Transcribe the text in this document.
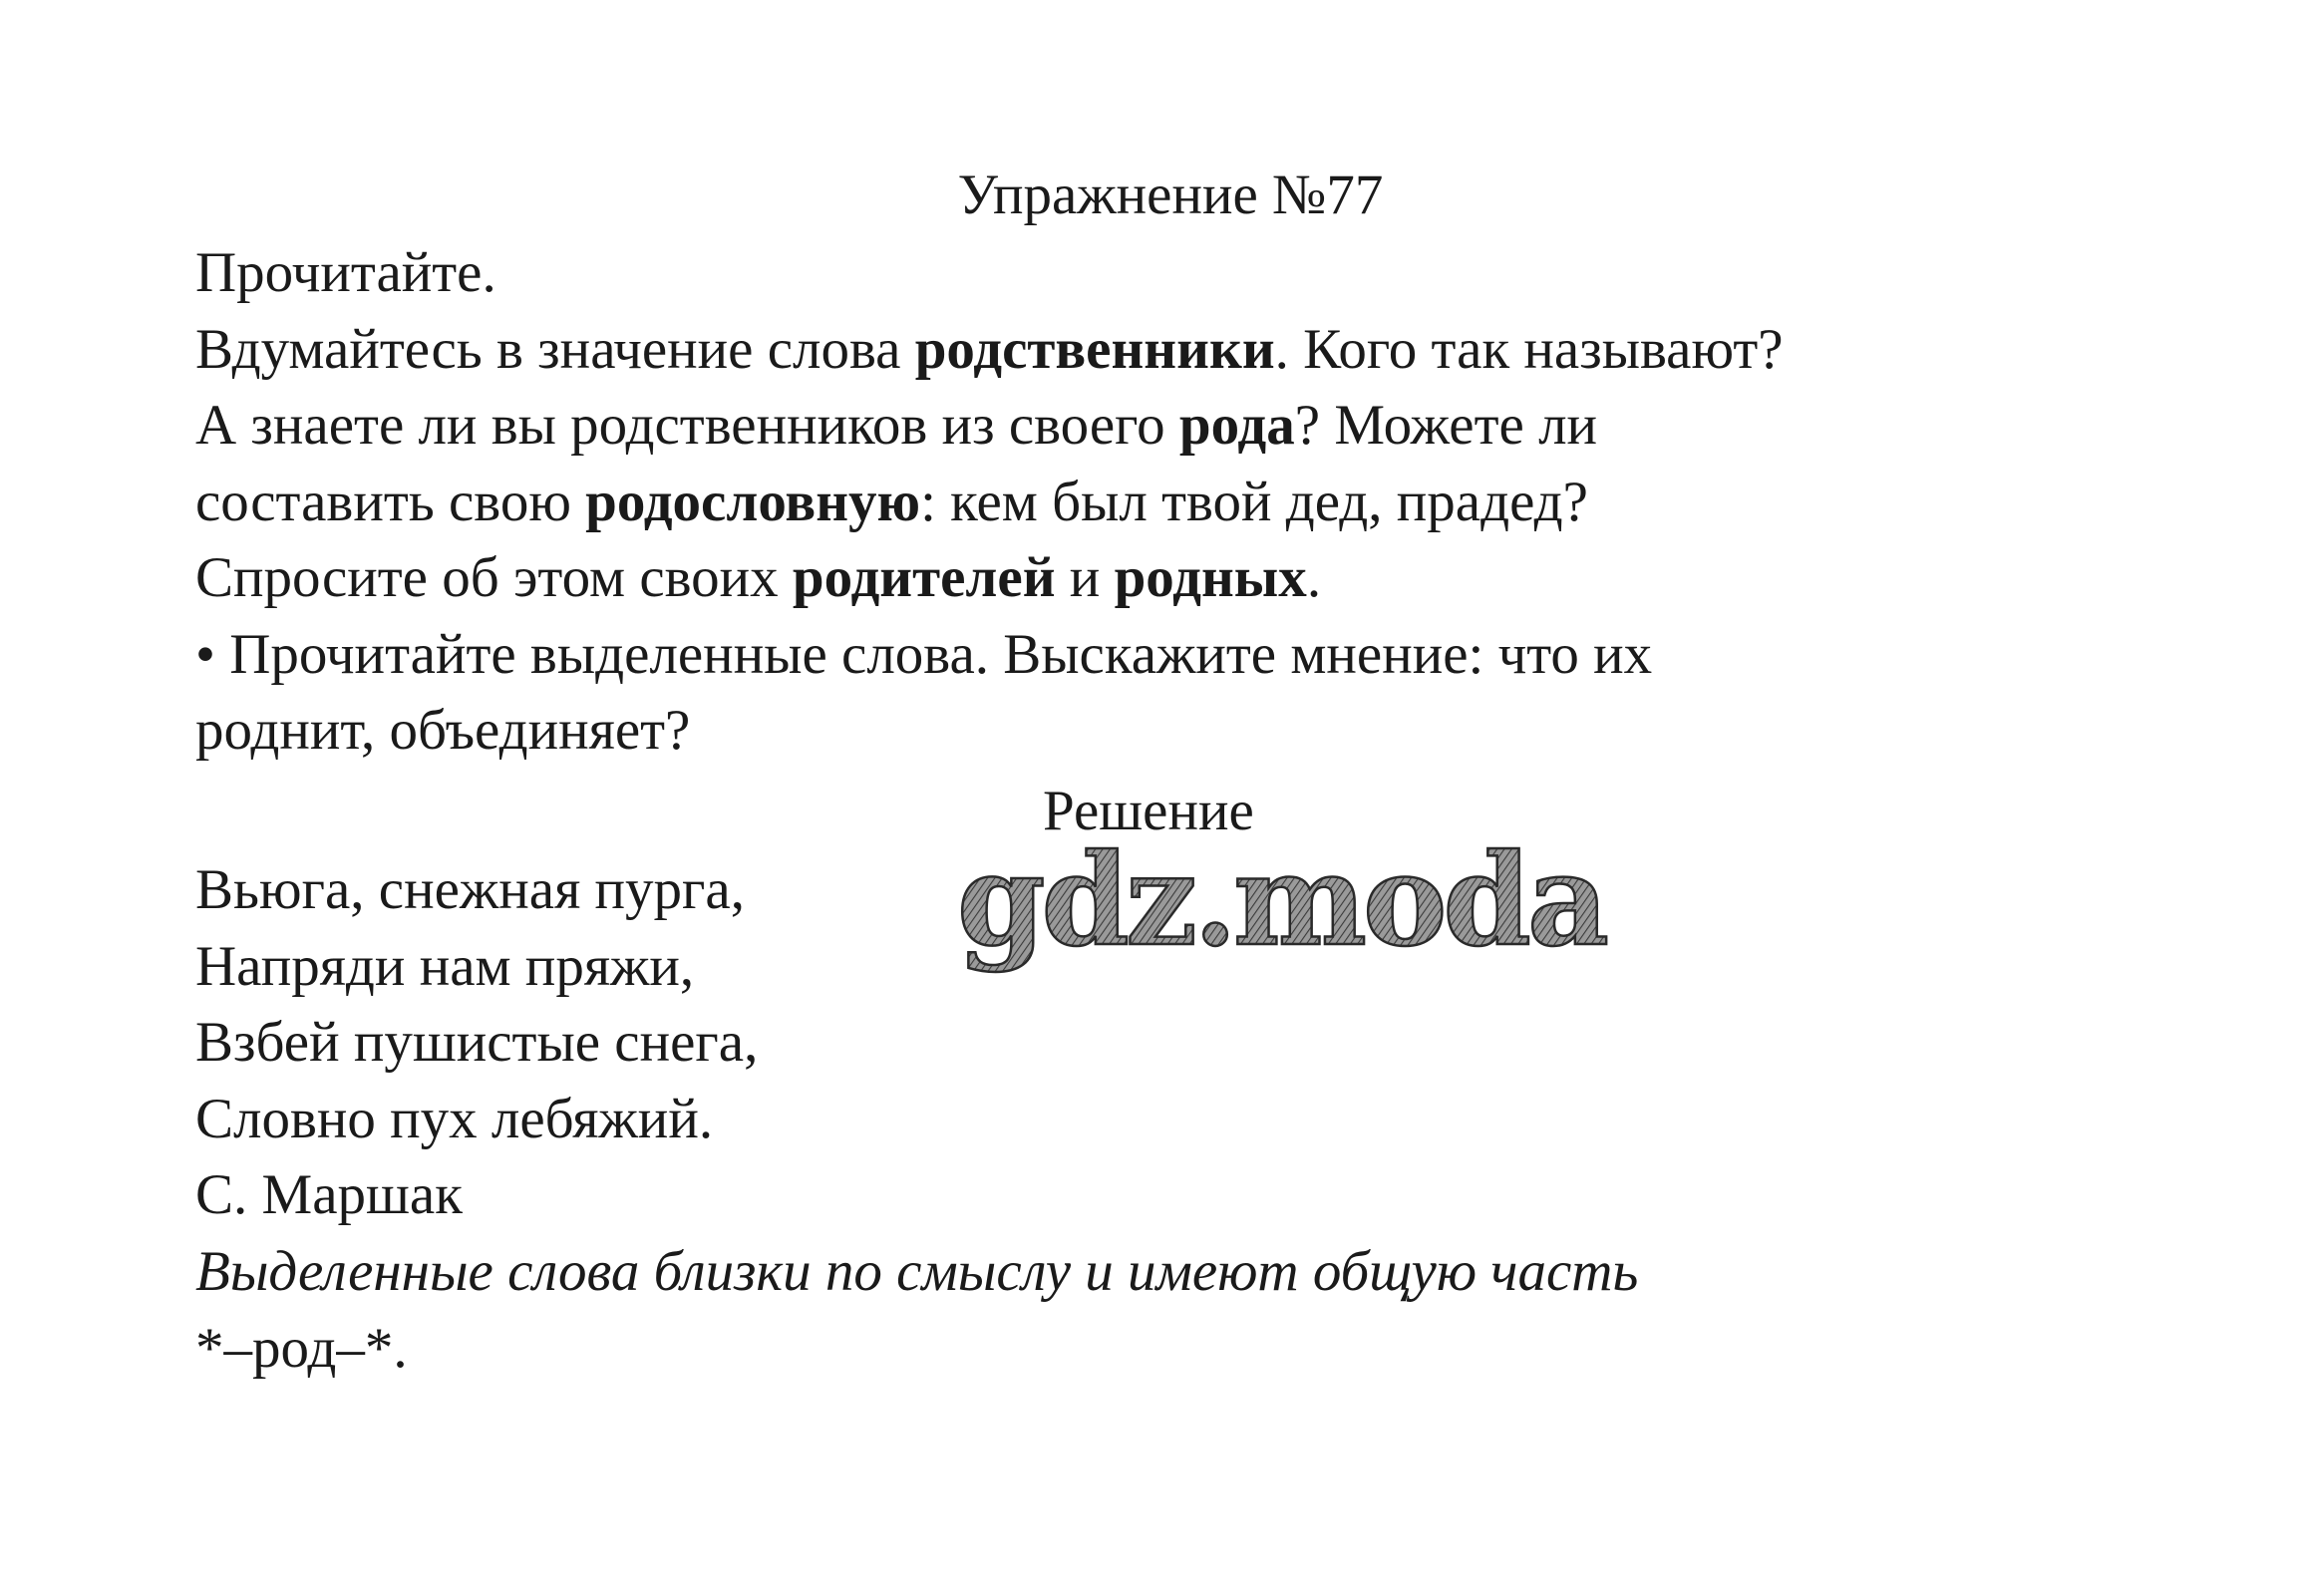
Упражнение №77
Прочитайте.
Вдумайтесь в значение слова родственники. Кого так называют?
А знаете ли вы родственников из своего рода? Можете ли
составить свою родословную: кем был твой дед, прадед?
Спросите об этом своих родителей и родных.
• Прочитайте выделенные слова. Выскажите мнение: что их
роднит, объединяет?
Решение
gdz.moda
Вьюга, снежная пурга,
Напряди нам пряжи,
Взбей пушистые снега,
Словно пух лебяжий.
С. Маршак
Выделенные слова близки по смыслу и имеют общую часть
*–род–*.
